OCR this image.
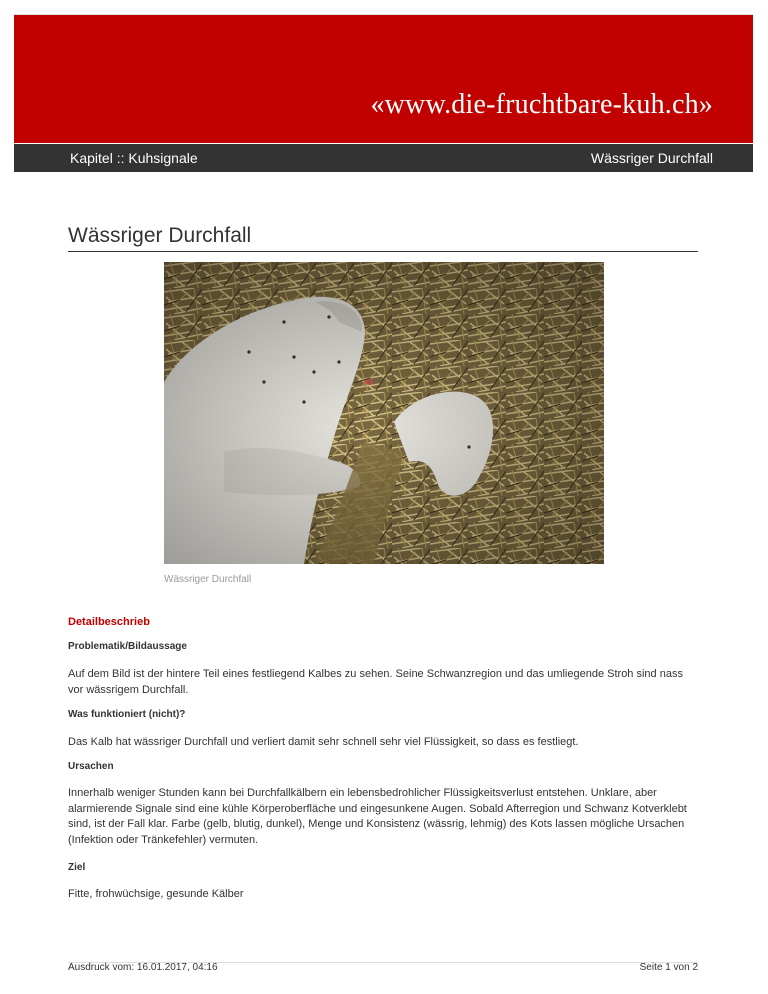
«www.die-fruchtbare-kuh.ch»
Kapitel :: Kuhsignale	Wässriger Durchfall
Wässriger Durchfall
Wässriger Durchfall
Detailbeschrieb
Problematik/Bildaussage
Auf dem Bild ist der hintere Teil eines festliegend Kalbes zu sehen. Seine Schwanzregion und das umliegende Stroh sind nass vor wässrigem Durchfall.
Was funktioniert (nicht)?
Das Kalb hat wässriger Durchfall und verliert damit sehr schnell sehr viel Flüssigkeit, so dass es festliegt.
Ursachen
Innerhalb weniger Stunden kann bei Durchfallkälbern ein lebensbedrohlicher Flüssigkeitsverlust entstehen. Unklare, aber alarmierende Signale sind eine kühle Körperoberfläche und eingesunkene Augen. Sobald Afterregion und Schwanz Kotverklebt sind, ist der Fall klar. Farbe (gelb, blutig, dunkel), Menge und Konsistenz (wässrig, lehmig) des Kots lassen mögliche Ursachen (Infektion oder Tränkefehler) vermuten.
Ziel
Fitte, frohwüchsige, gesunde Kälber
Ausdruck vom: 16.01.2017, 04:16	Seite 1 von 2
